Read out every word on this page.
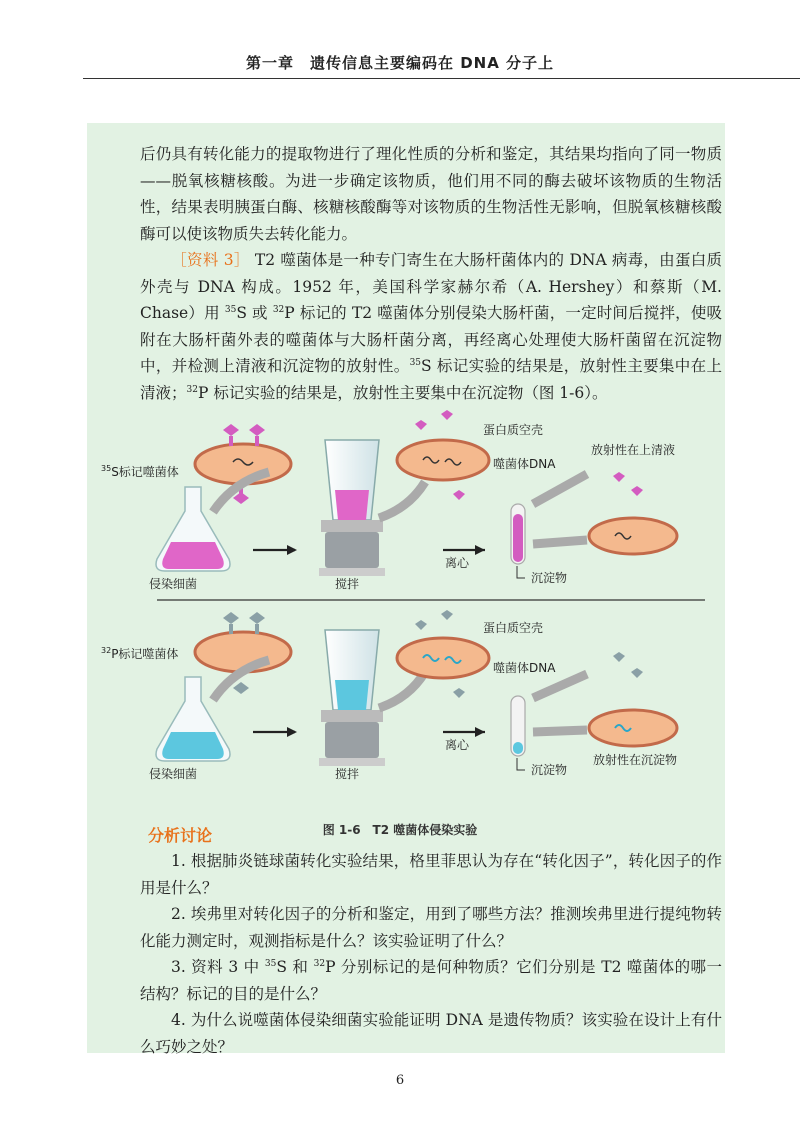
第一章　遗传信息主要编码在 DNA 分子上

后仍具有转化能力的提取物进行了理化性质的分析和鉴定，其结果均指向了同一物质——脱氧核糖核酸。为进一步确定该物质，他们用不同的酶去破坏该物质的生物活性，结果表明胰蛋白酶、核糖核酸酶等对该物质的生物活性无影响，但脱氧核糖核酸酶可以使该物质失去转化能力。

［资料 3］ T2 噬菌体是一种专门寄生在大肠杆菌体内的 DNA 病毒，由蛋白质外壳与 DNA 构成。1952 年，美国科学家赫尔希（A. Hershey）和蔡斯（M. Chase）用 $^{35}$S 或 $^{32}$P 标记的 T2 噬菌体分别侵染大肠杆菌，一定时间后搅拌，使吸附在大肠杆菌外表的噬菌体与大肠杆菌分离，再经离心处理使大肠杆菌留在沉淀物中，并检测上清液和沉淀物的放射性。$^{35}$S 标记实验的结果是，放射性主要集中在上清液；$^{32}$P 标记实验的结果是，放射性主要集中在沉淀物（图 1-6）。

$^{35}$S标记噬菌体
侵染细菌	搅拌
蛋白质空壳
噬菌体DNA
离心
沉淀物
放射性在上清液
$^{32}$P标记噬菌体
侵染细菌	搅拌
蛋白质空壳
噬菌体DNA
离心
沉淀物
放射性在沉淀物
图 1-6　T2 噬菌体侵染实验
分析讨论

1. 根据肺炎链球菌转化实验结果，格里菲思认为存在“转化因子”，转化因子的作用是什么？

2. 埃弗里对转化因子的分析和鉴定，用到了哪些方法？推测埃弗里进行提纯物转化能力测定时，观测指标是什么？该实验证明了什么？

3. 资料 3 中 $^{35}$S 和 $^{32}$P 分别标记的是何种物质？它们分别是 T2 噬菌体的哪一结构？标记的目的是什么？

4. 为什么说噬菌体侵染细菌实验能证明 DNA 是遗传物质？该实验在设计上有什么巧妙之处？

6
